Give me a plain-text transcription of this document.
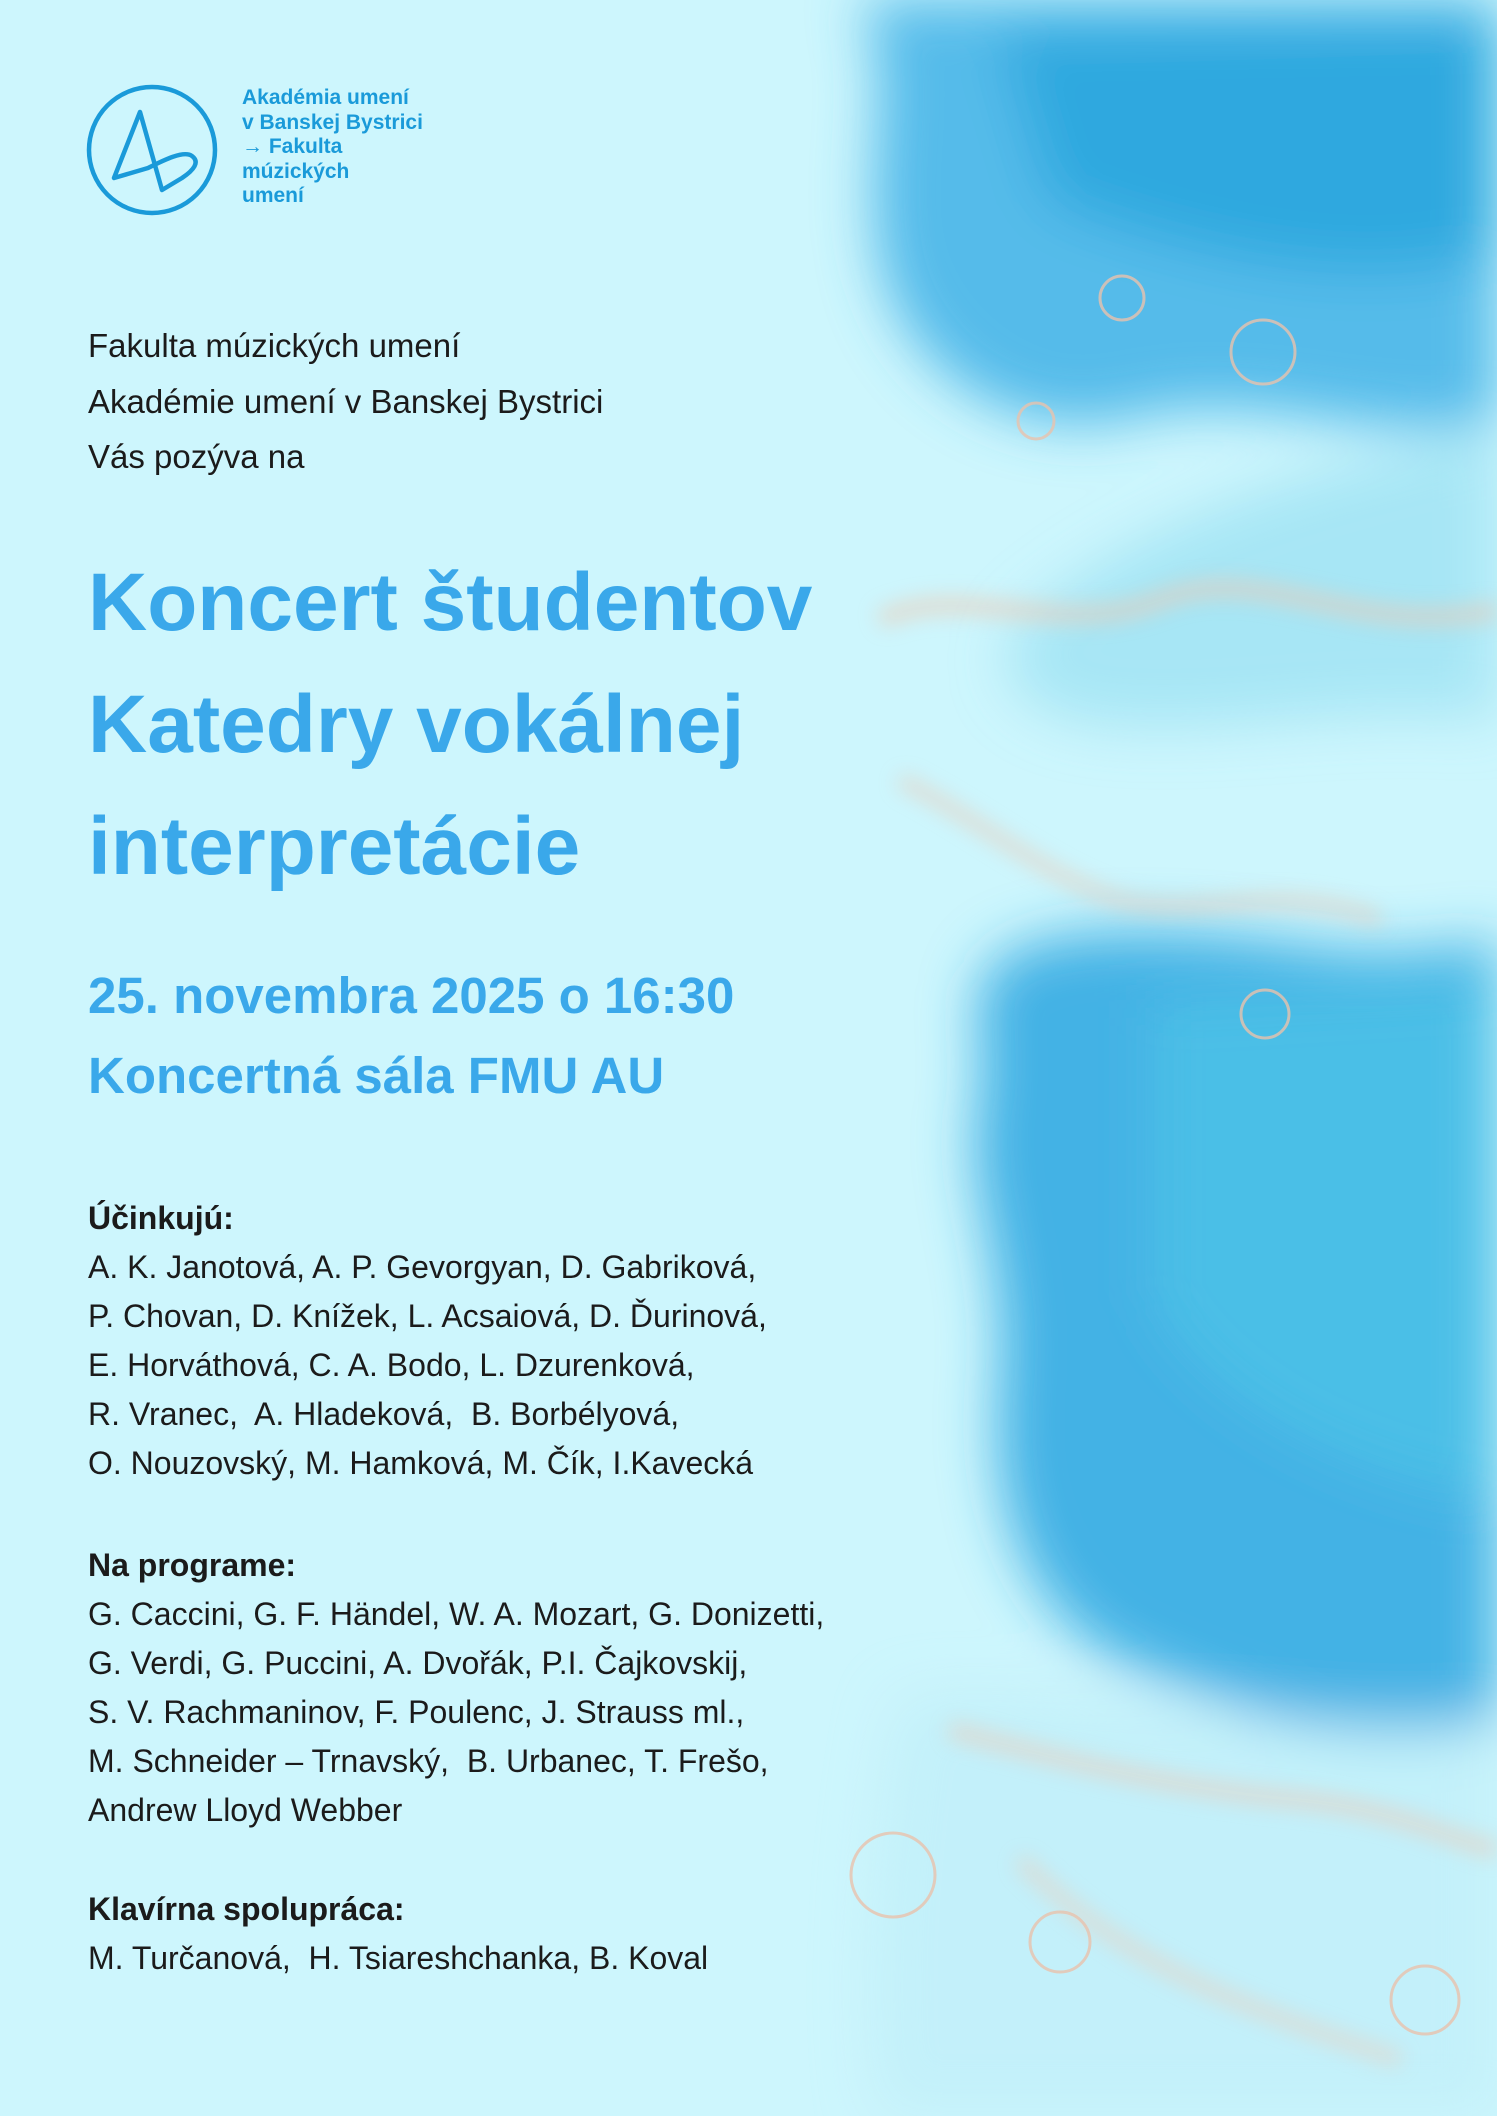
Akadémia umení
v Banskej Bystrici
→ Fakulta
múzických
umení
Fakulta múzických umení
Akadémie umení v Banskej Bystrici
Vás pozýva na
Koncert študentov
Katedry vokálnej
interpretácie
25. novembra 2025 o 16:30
Koncertná sála FMU AU
Účinkujú:
A. K. Janotová, A. P. Gevorgyan, D. Gabriková,
P. Chovan, D. Knížek, L. Acsaiová, D. Ďurinová,
E. Horváthová, C. A. Bodo, L. Dzurenková,
R. Vranec,  A. Hladeková,  B. Borbélyová,
O. Nouzovský, M. Hamková, M. Čík, I.Kavecká
Na programe:
G. Caccini, G. F. Händel, W. A. Mozart, G. Donizetti,
G. Verdi, G. Puccini, A. Dvořák, P.I. Čajkovskij,
S. V. Rachmaninov, F. Poulenc, J. Strauss ml.,
M. Schneider – Trnavský,  B. Urbanec, T. Frešo,
Andrew Lloyd Webber
Klavírna spolupráca:
M. Turčanová,  H. Tsiareshchanka, B. Koval
